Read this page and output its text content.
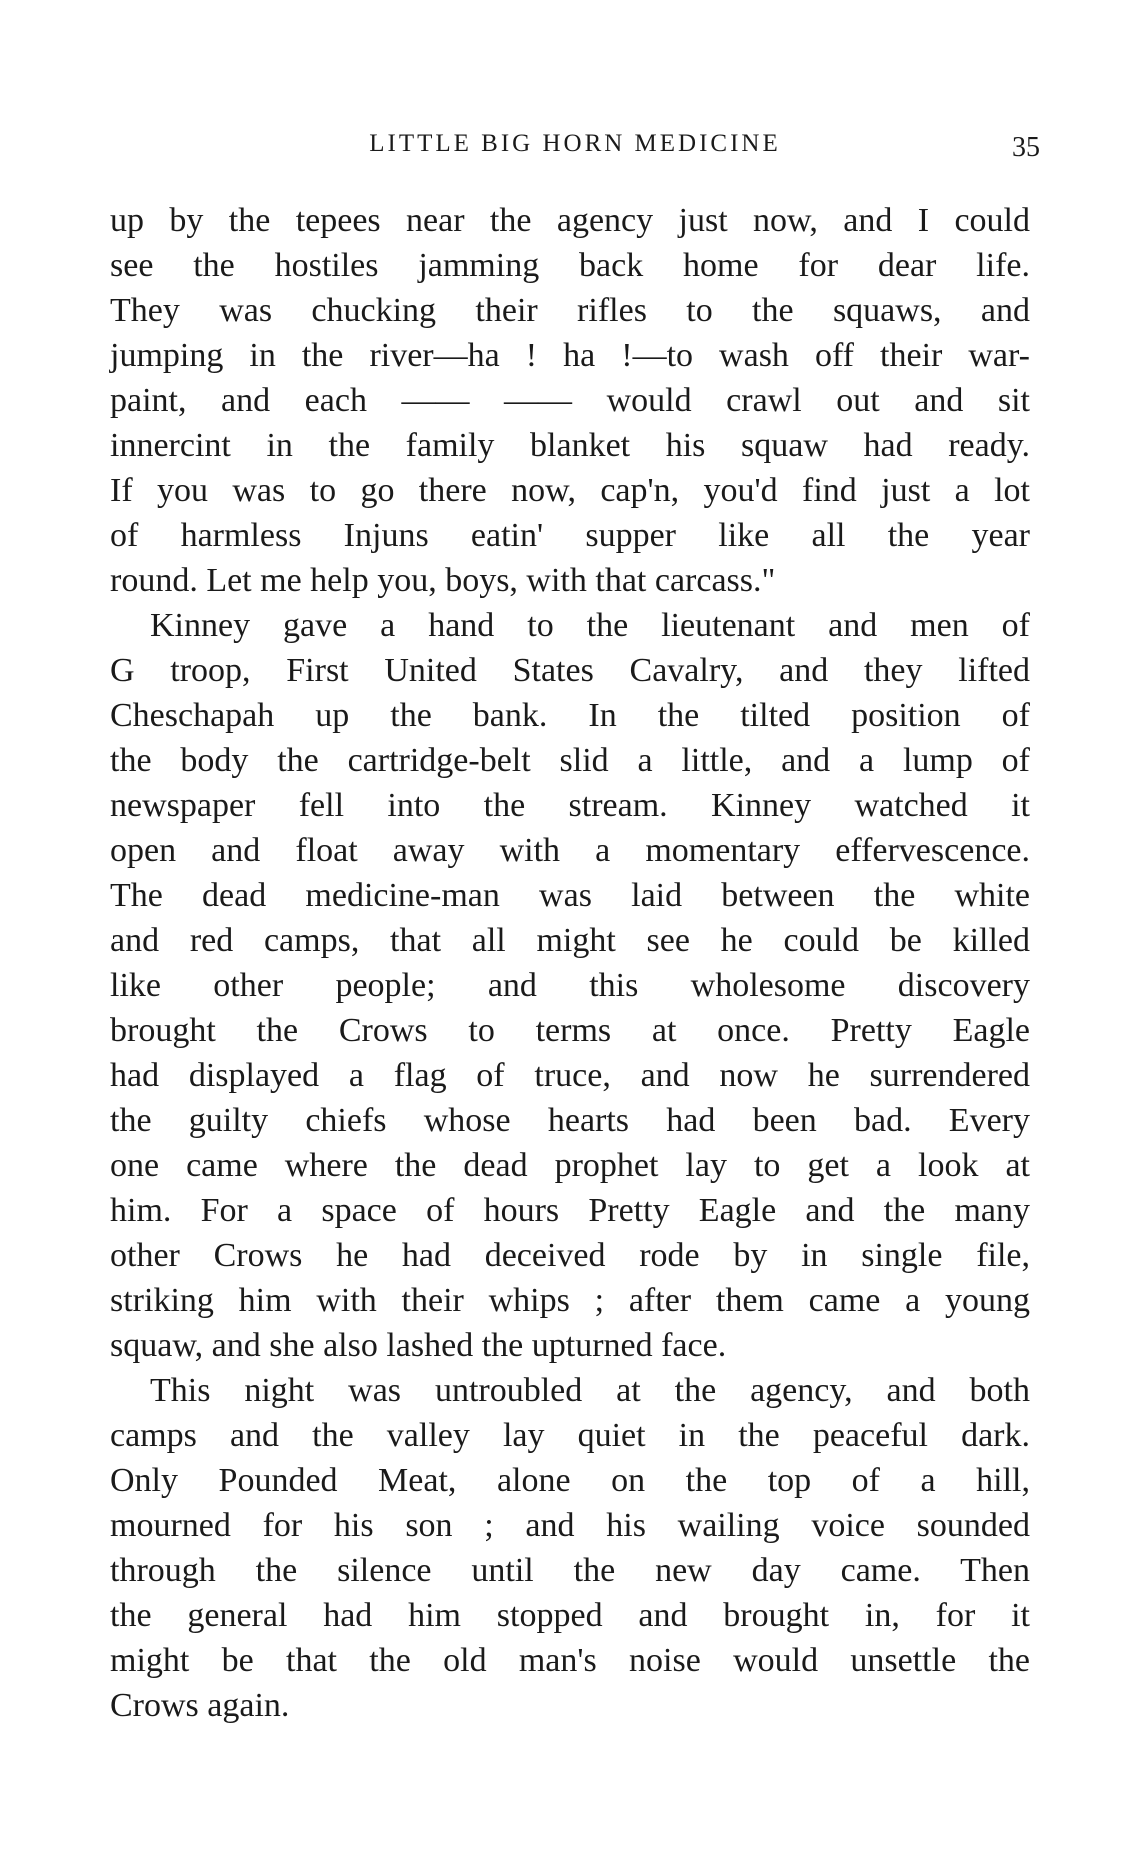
LITTLE BIG HORN MEDICINE	35
up by the tepees near the agency just now, and I could
see the hostiles jamming back home for dear life.
They was chucking their rifles to the squaws, and
jumping in the river—ha ! ha !—to wash off their war-
paint, and each —— —— would crawl out and sit
innercint in the family blanket his squaw had ready.
If you was to go there now, cap'n, you'd find just a lot
of harmless Injuns eatin' supper like all the year
round. Let me help you, boys, with that carcass."
Kinney gave a hand to the lieutenant and men of
G troop, First United States Cavalry, and they lifted
Cheschapah up the bank. In the tilted position of
the body the cartridge-belt slid a little, and a lump of
newspaper fell into the stream. Kinney watched it
open and float away with a momentary effervescence.
The dead medicine-man was laid between the white
and red camps, that all might see he could be killed
like other people; and this wholesome discovery
brought the Crows to terms at once. Pretty Eagle
had displayed a flag of truce, and now he surrendered
the guilty chiefs whose hearts had been bad. Every
one came where the dead prophet lay to get a look at
him. For a space of hours Pretty Eagle and the many
other Crows he had deceived rode by in single file,
striking him with their whips ; after them came a young
squaw, and she also lashed the upturned face.
This night was untroubled at the agency, and both
camps and the valley lay quiet in the peaceful dark.
Only Pounded Meat, alone on the top of a hill,
mourned for his son ; and his wailing voice sounded
through the silence until the new day came. Then
the general had him stopped and brought in, for it
might be that the old man's noise would unsettle the
Crows again.
